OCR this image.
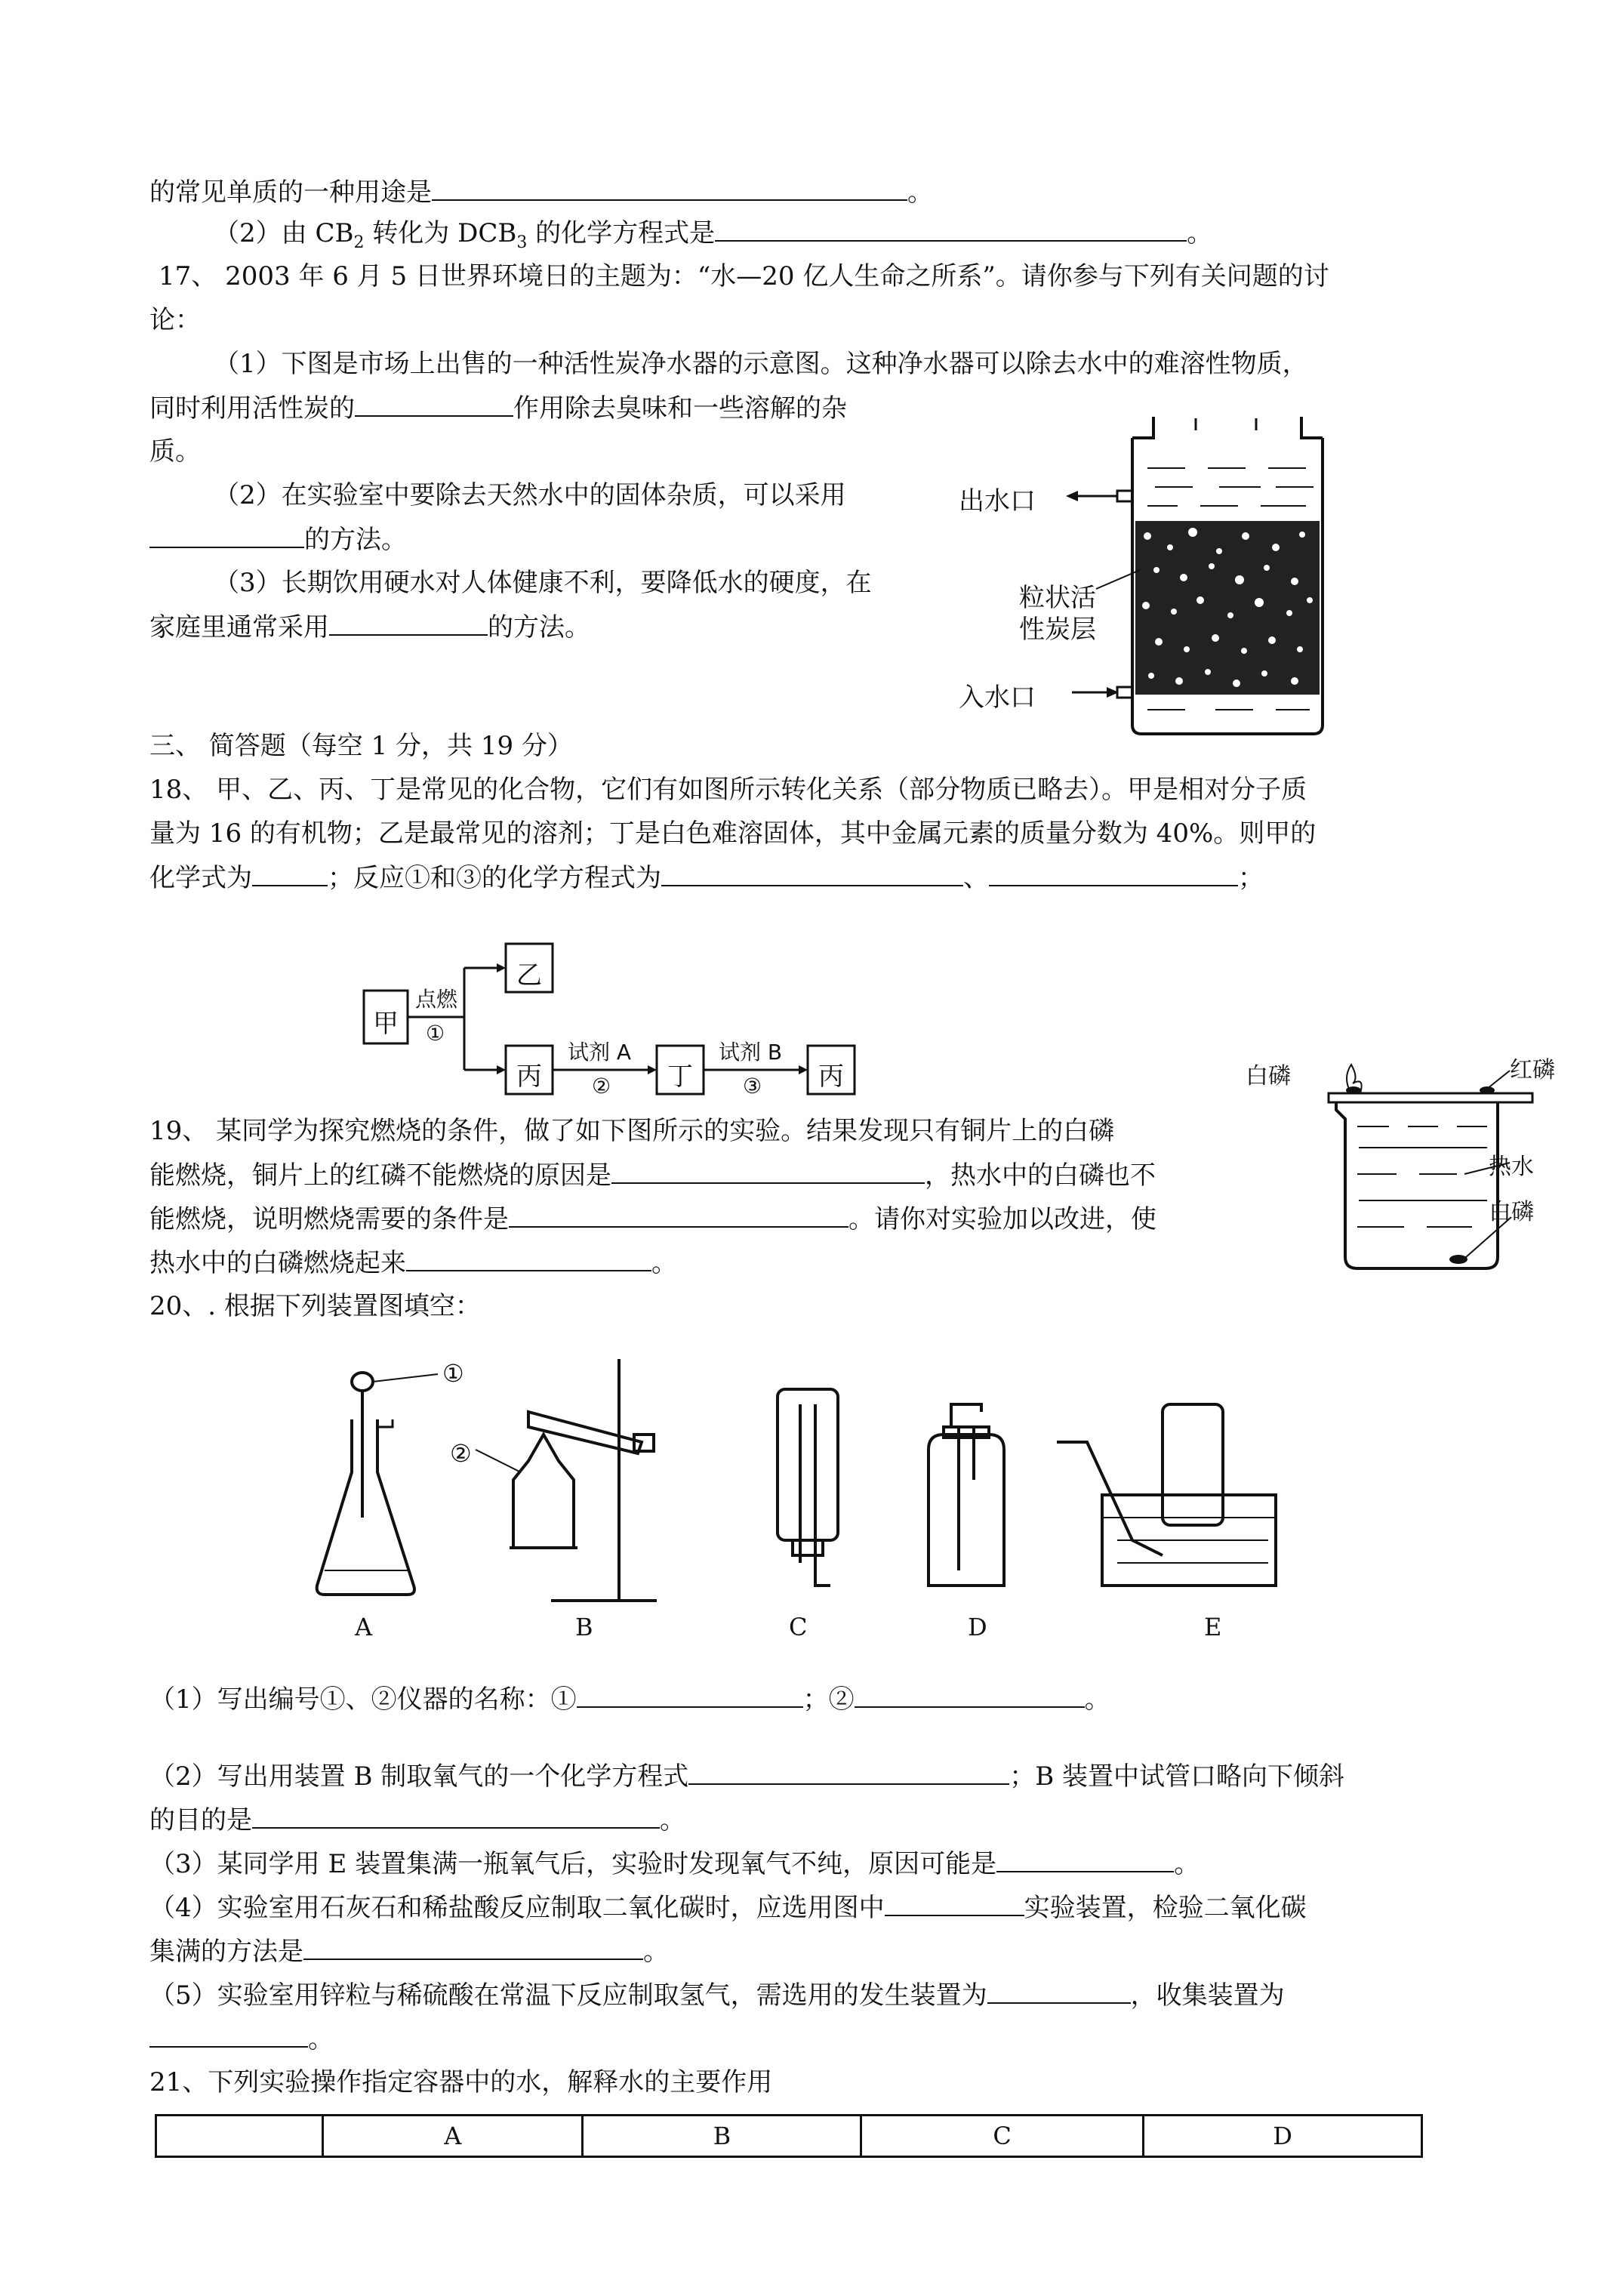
的常见单质的一种用途是	。
（2）由 $CB_2$ 转化为 $DCB_3$ 的化学方程式是	。
17、 2003 年 6 月 5 日世界环境日的主题为：“水—20 亿人生命之所系”。请你参与下列有关问题的讨
论：
（1）下图是市场上出售的一种活性炭净水器的示意图。这种净水器可以除去水中的难溶性物质，
同时利用活性炭的	作用除去臭味和一些溶解的杂
质。
（2）在实验室中要除去天然水中的固体杂质，可以采用
的方法。
（3）长期饮用硬水对人体健康不利，要降低水的硬度，在
家庭里通常采用	的方法。
出水口
粒状活
性炭层
入水口
三、 简答题（每空 1 分，共 19 分）
18、 甲、乙、丙、丁是常见的化合物，它们有如图所示转化关系（部分物质已略去）。甲是相对分子质
量为 16 的有机物；乙是最常见的溶剂；丁是白色难溶固体，其中金属元素的质量分数为 40%。则甲的
化学式为	；反应①和③的化学方程式为	、	；
甲
乙
丙	丁	丙
点燃
①
试剂 A
②
试剂 B
③
19、 某同学为探究燃烧的条件，做了如下图所示的实验。结果发现只有铜片上的白磷
能燃烧，铜片上的红磷不能燃烧的原因是	，热水中的白磷也不
能燃烧，说明燃烧需要的条件是	。请你对实验加以改进，使
热水中的白磷燃烧起来	。
白磷	红磷
热水
白磷
20、. 根据下列装置图填空：
①
②
A	B	C	D	E
（1）写出编号①、②仪器的名称：①	；②	。
（2）写出用装置 B 制取氧气的一个化学方程式	；B 装置中试管口略向下倾斜
的目的是	。
（3）某同学用 E 装置集满一瓶氧气后，实验时发现氧气不纯，原因可能是	。
（4）实验室用石灰石和稀盐酸反应制取二氧化碳时，应选用图中	实验装置，检验二氧化碳
集满的方法是	。
（5）实验室用锌粒与稀硫酸在常温下反应制取氢气，需选用的发生装置为	，收集装置为
。
21、下列实验操作指定容器中的水，解释水的主要作用
	A	B	C	D
